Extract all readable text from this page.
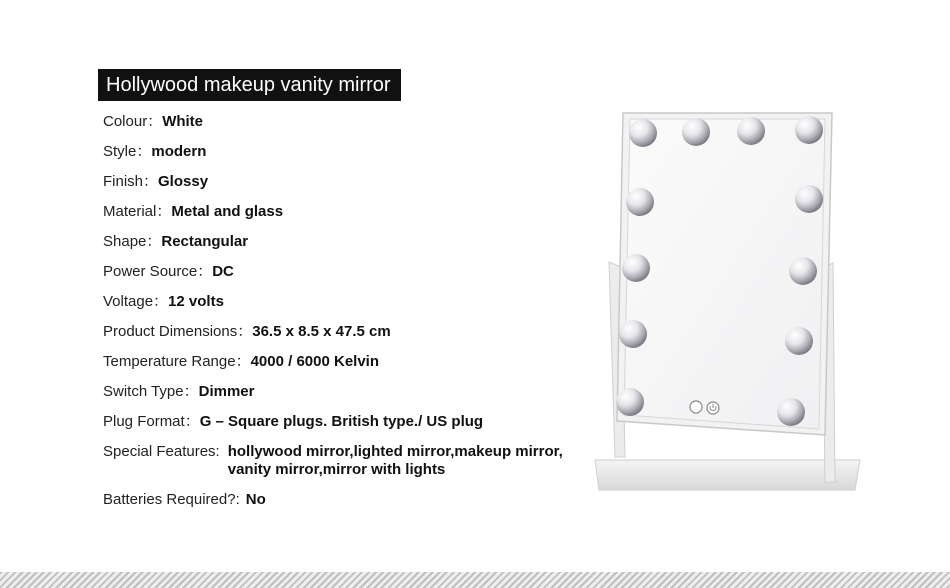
Hollywood makeup vanity mirror
Colour：White
Style：modern
Finish：Glossy
Material：Metal and glass
Shape：Rectangular
Power Source：DC
Voltage：12 volts
Product Dimensions：36.5 x 8.5 x 47.5 cm
Temperature Range：4000 / 6000 Kelvin
Switch Type：Dimmer
Plug Format：G – Square plugs. British type./ US plug
Special Features: hollywood mirror,lighted mirror,makeup mirror,
vanity mirror,mirror with lights
Batteries Required?: No
